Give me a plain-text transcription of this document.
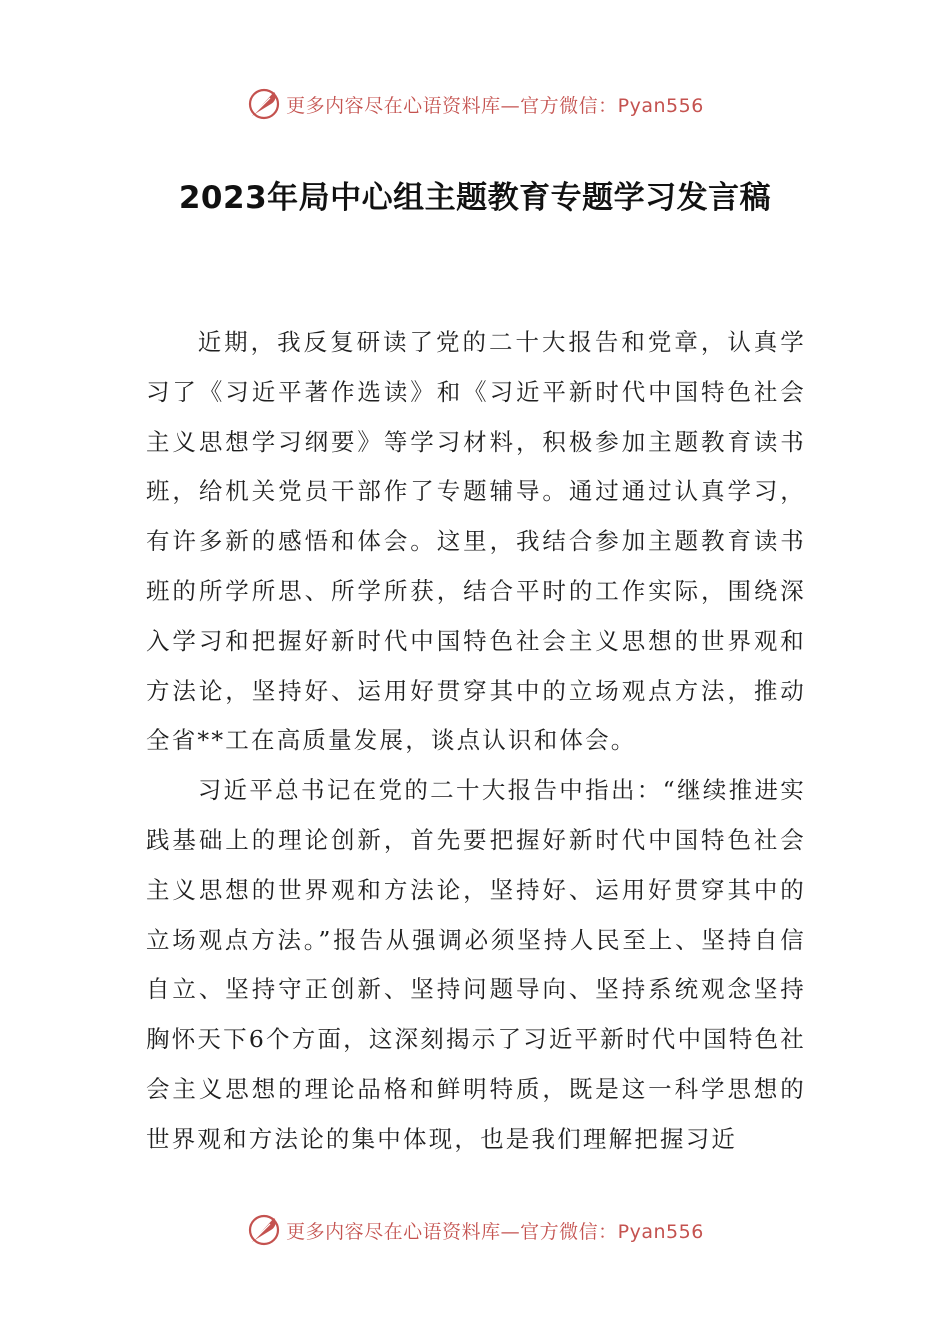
更多内容尽在心语资料库—官方微信：Pyan556
2023年局中心组主题教育专题学习发言稿

近期，我反复研读了党的二十大报告和党章，认真学习了《习近平著作选读》和《习近平新时代中国特色社会主义思想学习纲要》等学习材料，积极参加主题教育读书班，给机关党员干部作了专题辅导。通过通过认真学习，有许多新的感悟和体会。这里，我结合参加主题教育读书班的所学所思、所学所获，结合平时的工作实际，围绕深入学习和把握好新时代中国特色社会主义思想的世界观和方法论，坚持好、运用好贯穿其中的立场观点方法，推动全省**工在高质量发展，谈点认识和体会。

习近平总书记在党的二十大报告中指出：“继续推进实践基础上的理论创新，首先要把握好新时代中国特色社会主义思想的世界观和方法论，坚持好、运用好贯穿其中的立场观点方法。”报告从强调必须坚持人民至上、坚持自信自立、坚持守正创新、坚持问题导向、坚持系统观念坚持胸怀天下6个方面，这深刻揭示了习近平新时代中国特色社会主义思想的理论品格和鲜明特质，既是这一科学思想的世界观和方法论的集中体现，也是我们理解把握习近

更多内容尽在心语资料库—官方微信：Pyan556
